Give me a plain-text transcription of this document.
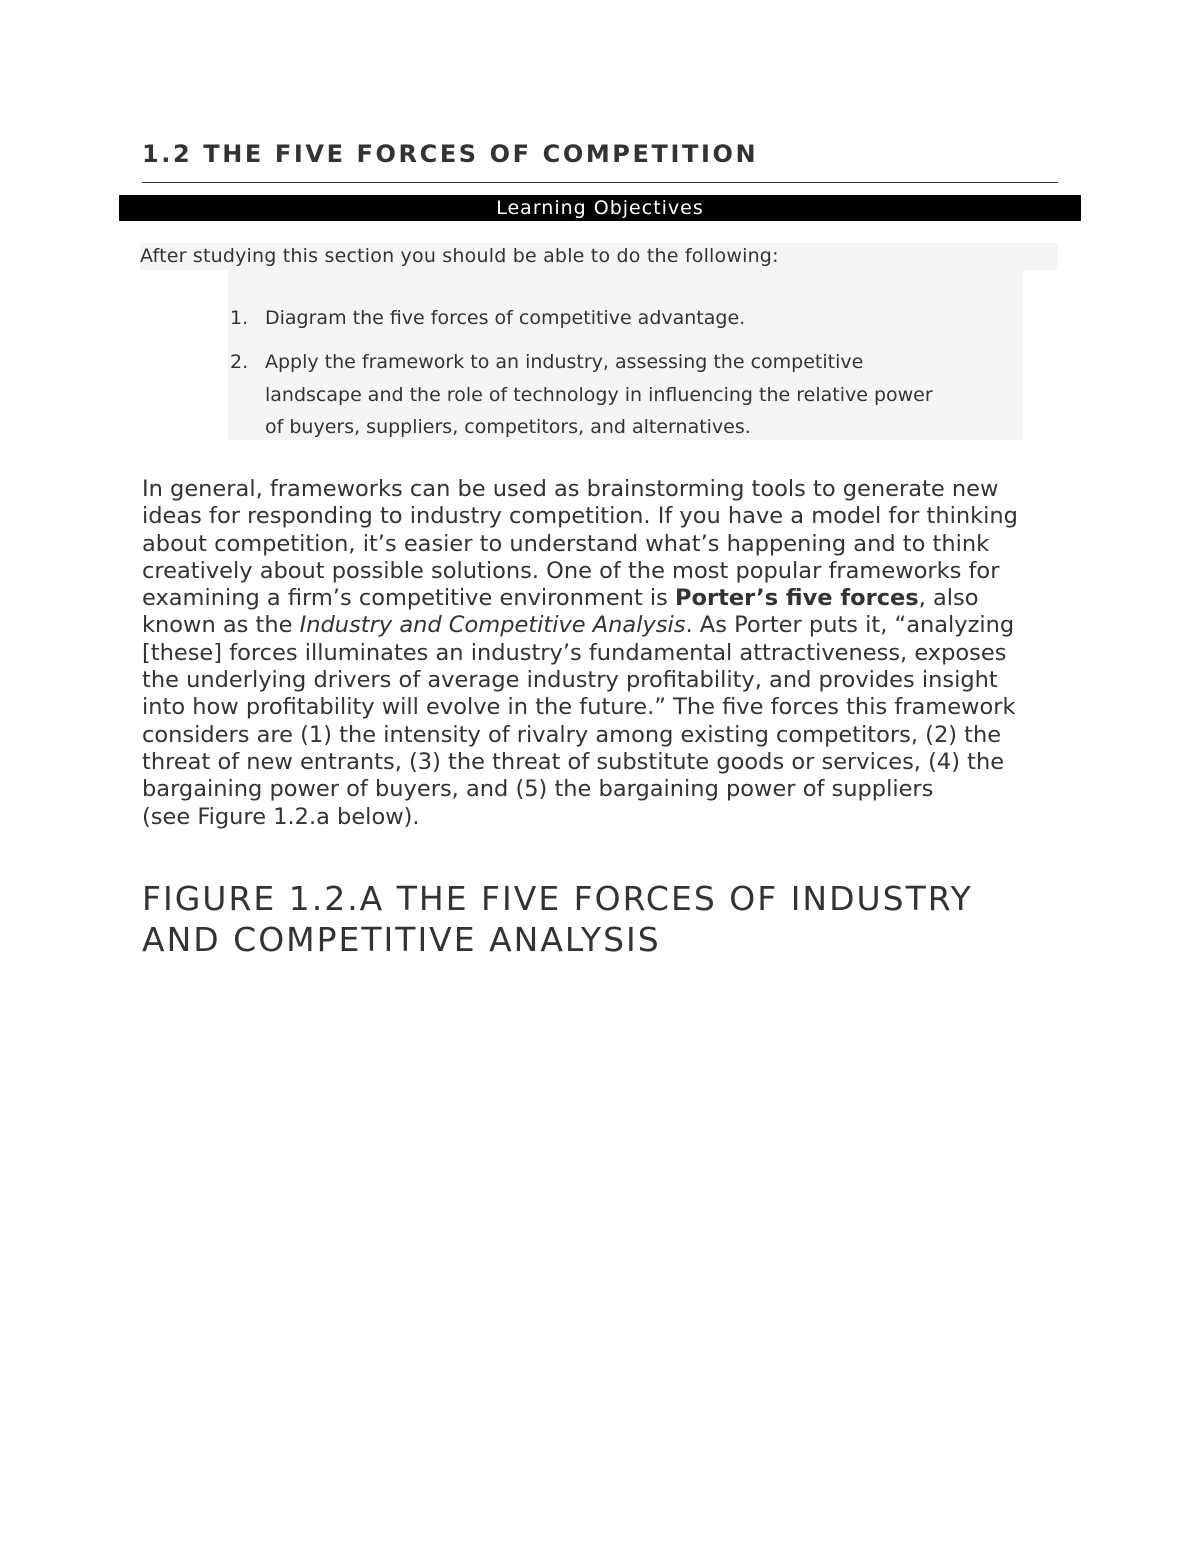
1.2 THE FIVE FORCES OF COMPETITION
Learning Objectives
After studying this section you should be able to do the following:
1. Diagram the five forces of competitive advantage.
2. Apply the framework to an industry, assessing the competitive
landscape and the role of technology in influencing the relative power
of buyers, suppliers, competitors, and alternatives.

In general, frameworks can be used as brainstorming tools to generate new
ideas for responding to industry competition. If you have a model for thinking
about competition, it’s easier to understand what’s happening and to think
creatively about possible solutions. One of the most popular frameworks for
examining a firm’s competitive environment is Porter’s five forces, also
known as the Industry and Competitive Analysis. As Porter puts it, “analyzing
[these] forces illuminates an industry’s fundamental attractiveness, exposes
the underlying drivers of average industry profitability, and provides insight
into how profitability will evolve in the future.” The five forces this framework
considers are (1) the intensity of rivalry among existing competitors, (2) the
threat of new entrants, (3) the threat of substitute goods or services, (4) the
bargaining power of buyers, and (5) the bargaining power of suppliers
(see Figure 1.2.a below).

FIGURE 1.2.A THE FIVE FORCES OF INDUSTRY
AND COMPETITIVE ANALYSIS
